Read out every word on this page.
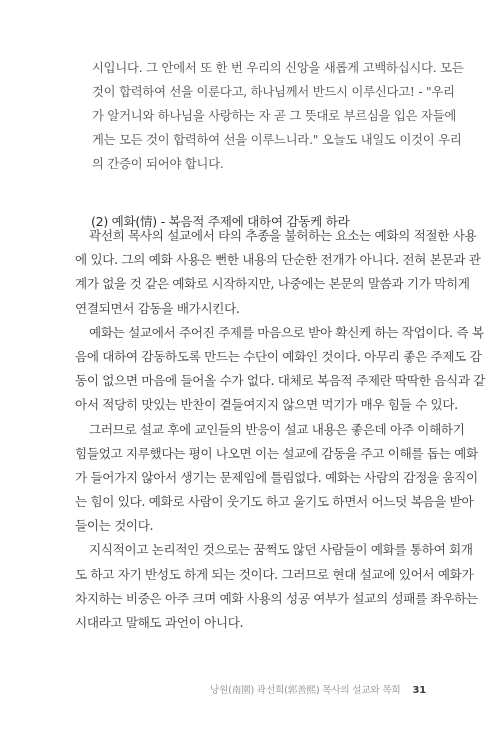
시입니다. 그 안에서 또 한 번 우리의 신앙을 새롭게 고백하십시다. 모든
것이 합력하여 선을 이룬다고, 하나님께서 반드시 이루신다고! - "우리
가 알거니와 하나님을 사랑하는 자 곧 그 뜻대로 부르심을 입은 자들에
게는 모든 것이 합력하여 선을 이루느니라." 오늘도 내일도 이것이 우리
의 간증이 되어야 합니다.
(2) 예화(情) - 복음적 주제에 대하여 감동케 하라
곽선희 목사의 설교에서 타의 추종을 불허하는 요소는 예화의 적절한 사용
에 있다. 그의 예화 사용은 뻔한 내용의 단순한 전개가 아니다. 전혀 본문과 관
계가 없을 것 같은 예화로 시작하지만, 나중에는 본문의 말씀과 기가 막히게
연결되면서 감동을 배가시킨다.
예화는 설교에서 주어진 주제를 마음으로 받아 확신케 하는 작업이다. 즉 복
음에 대하여 감동하도록 만드는 수단이 예화인 것이다. 아무리 좋은 주제도 감
동이 없으면 마음에 들어올 수가 없다. 대체로 복음적 주제란 딱딱한 음식과 같
아서 적당히 맛있는 반찬이 곁들여지지 않으면 먹기가 매우 힘들 수 있다.
그러므로 설교 후에 교인들의 반응이 설교 내용은 좋은데 아주 이해하기
힘들었고 지루했다는 평이 나오면 이는 설교에 감동을 주고 이해를 돕는 예화
가 들어가지 않아서 생기는 문제임에 틀림없다. 예화는 사람의 감정을 움직이
는 힘이 있다. 예화로 사람이 웃기도 하고 울기도 하면서 어느덧 복음을 받아
들이는 것이다.
지식적이고 논리적인 것으로는 꿈쩍도 않던 사람들이 예화를 통하여 회개
도 하고 자기 반성도 하게 되는 것이다. 그러므로 현대 설교에 있어서 예화가
차지하는 비중은 아주 크며 예화 사용의 성공 여부가 설교의 성패를 좌우하는
시대라고 말해도 과언이 아니다.
낭원(南園) 곽선희(郭善熙) 목사의 설교와 목회 31
